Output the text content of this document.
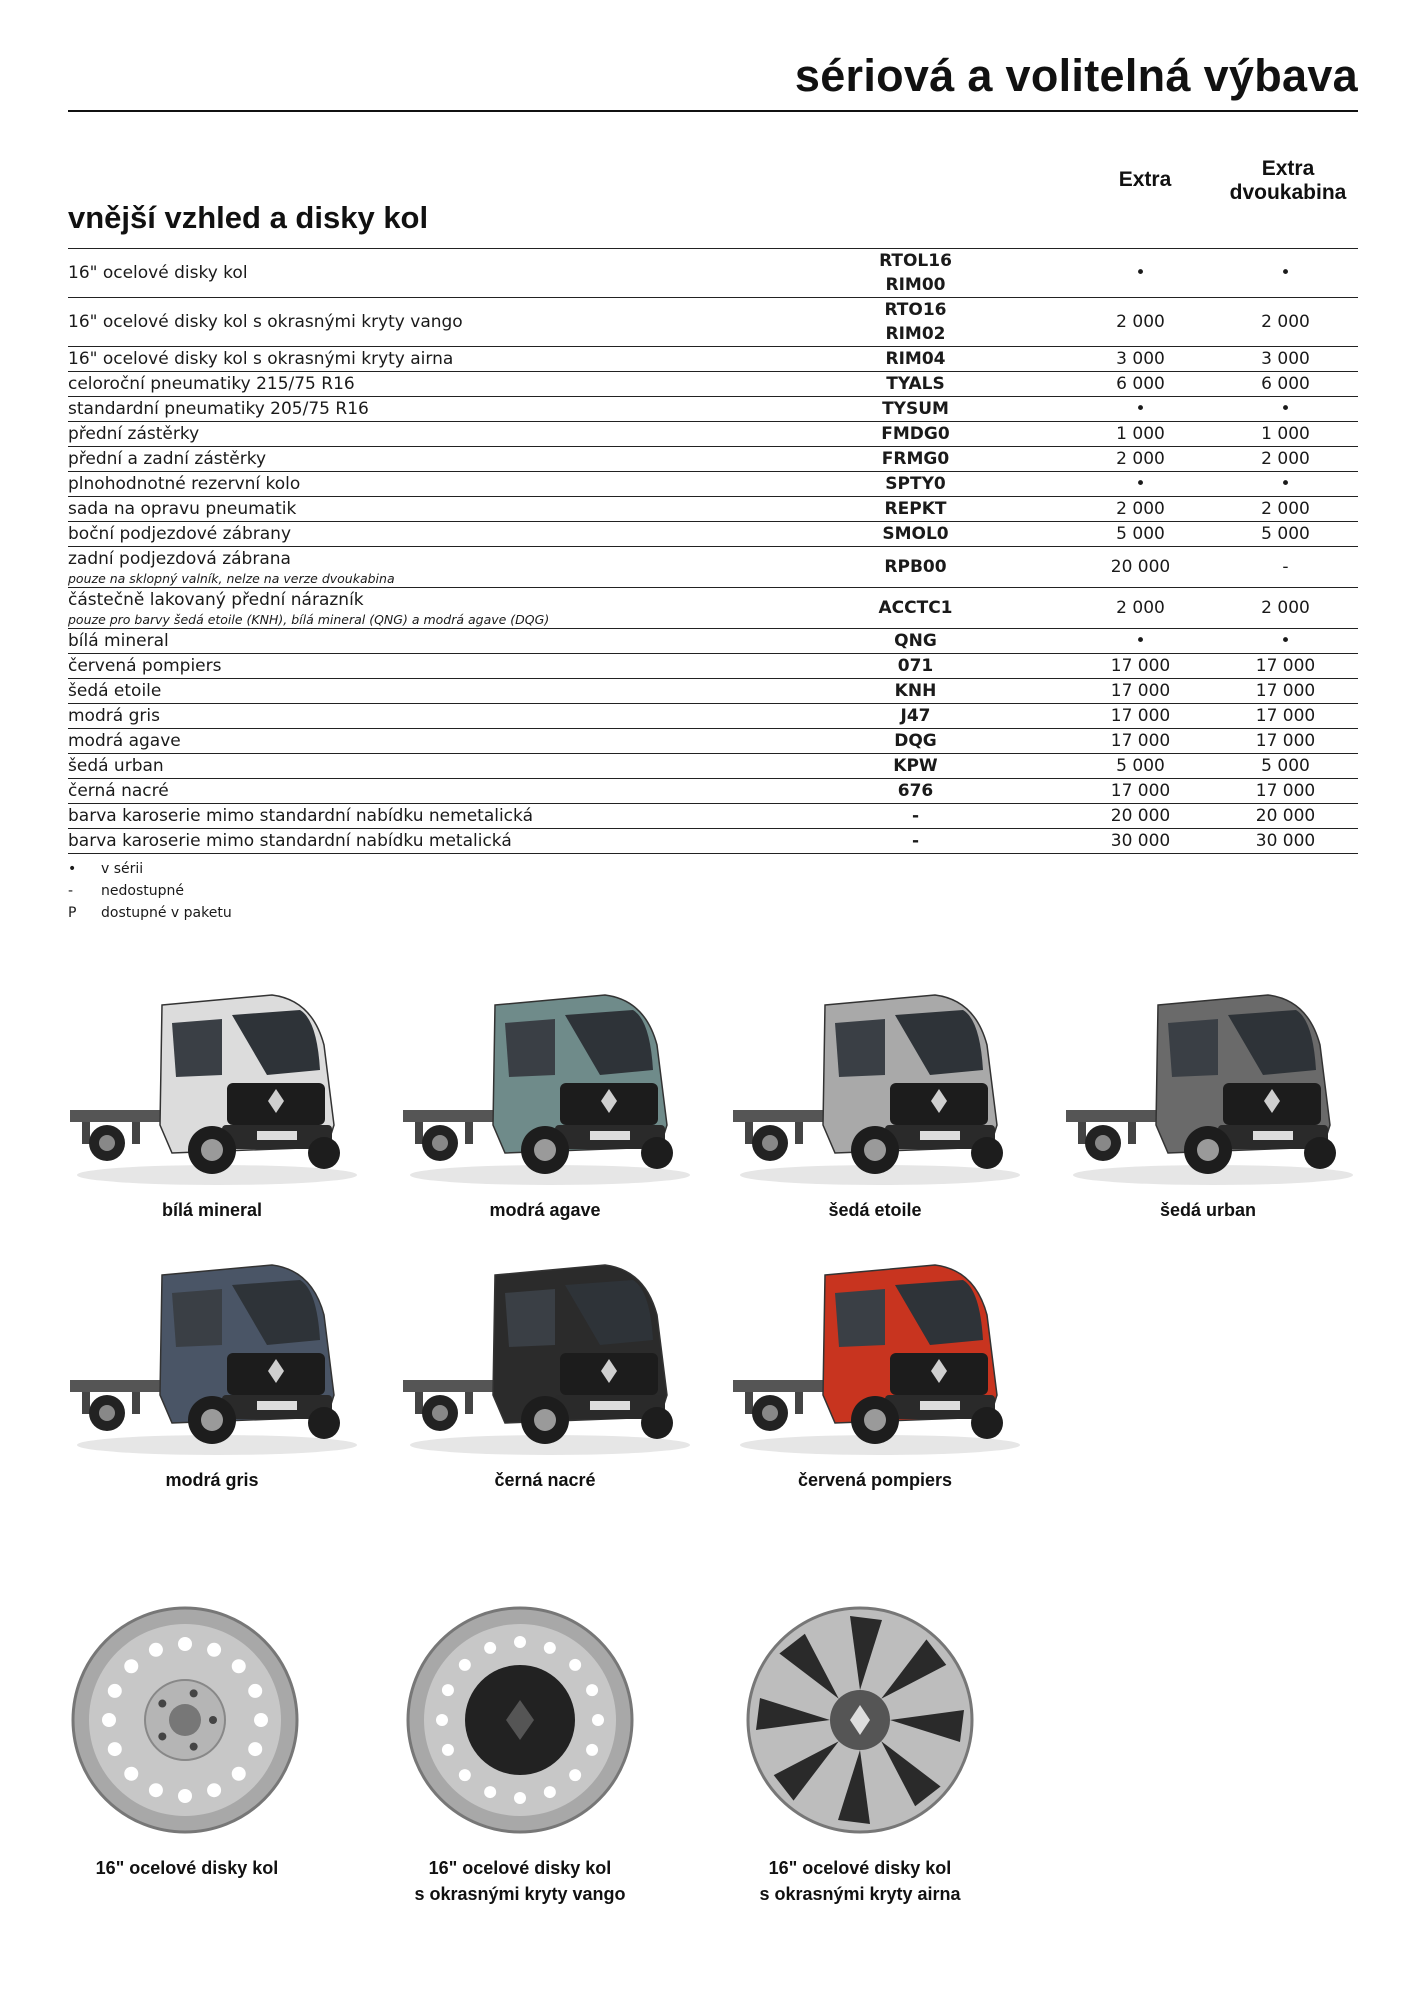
sériová a volitelná výbava
vnější vzhled a disky kol
Extra	Extra
dvoukabina
16" ocelové disky kol	RTOL16
RIM00		•	•
16" ocelové disky kol s okrasnými kryty vango	RTO16
RIM02		2 000	2 000
16" ocelové disky kol s okrasnými kryty airna	RIM04		3 000	3 000
celoroční pneumatiky 215/75 R16	TYALS		6 000	6 000
standardní pneumatiky 205/75 R16	TYSUM		•	•
přední zástěrky	FMDG0		1 000	1 000
přední a zadní zástěrky	FRMG0		2 000	2 000
plnohodnotné rezervní kolo	SPTY0		•	•
sada na opravu pneumatik	REPKT		2 000	2 000
boční podjezdové zábrany	SMOL0		5 000	5 000
zadní podjezdová zábrana
pouze na sklopný valník, nelze na verze dvoukabina	RPB00		20 000	-
částečně lakovaný přední nárazník
pouze pro barvy šedá etoile (KNH), bílá mineral (QNG) a modrá agave (DQG)	ACCTC1		2 000	2 000
bílá mineral	QNG		•	•
červená pompiers	071		17 000	17 000
šedá etoile	KNH		17 000	17 000
modrá gris	J47		17 000	17 000
modrá agave	DQG		17 000	17 000
šedá urban	KPW		5 000	5 000
černá nacré	676		17 000	17 000
barva karoserie mimo standardní nabídku nemetalická	-		20 000	20 000
barva karoserie mimo standardní nabídku metalická	-		30 000	30 000
• v sérii
- nedostupné
P dostupné v paketu
bílá mineral	modrá agave	šedá etoile	šedá urban
modrá gris	černá nacré	červená pompiers
16" ocelové disky kol	16" ocelové disky kol
s okrasnými kryty vango
16" ocelové disky kol
s okrasnými kryty airna
